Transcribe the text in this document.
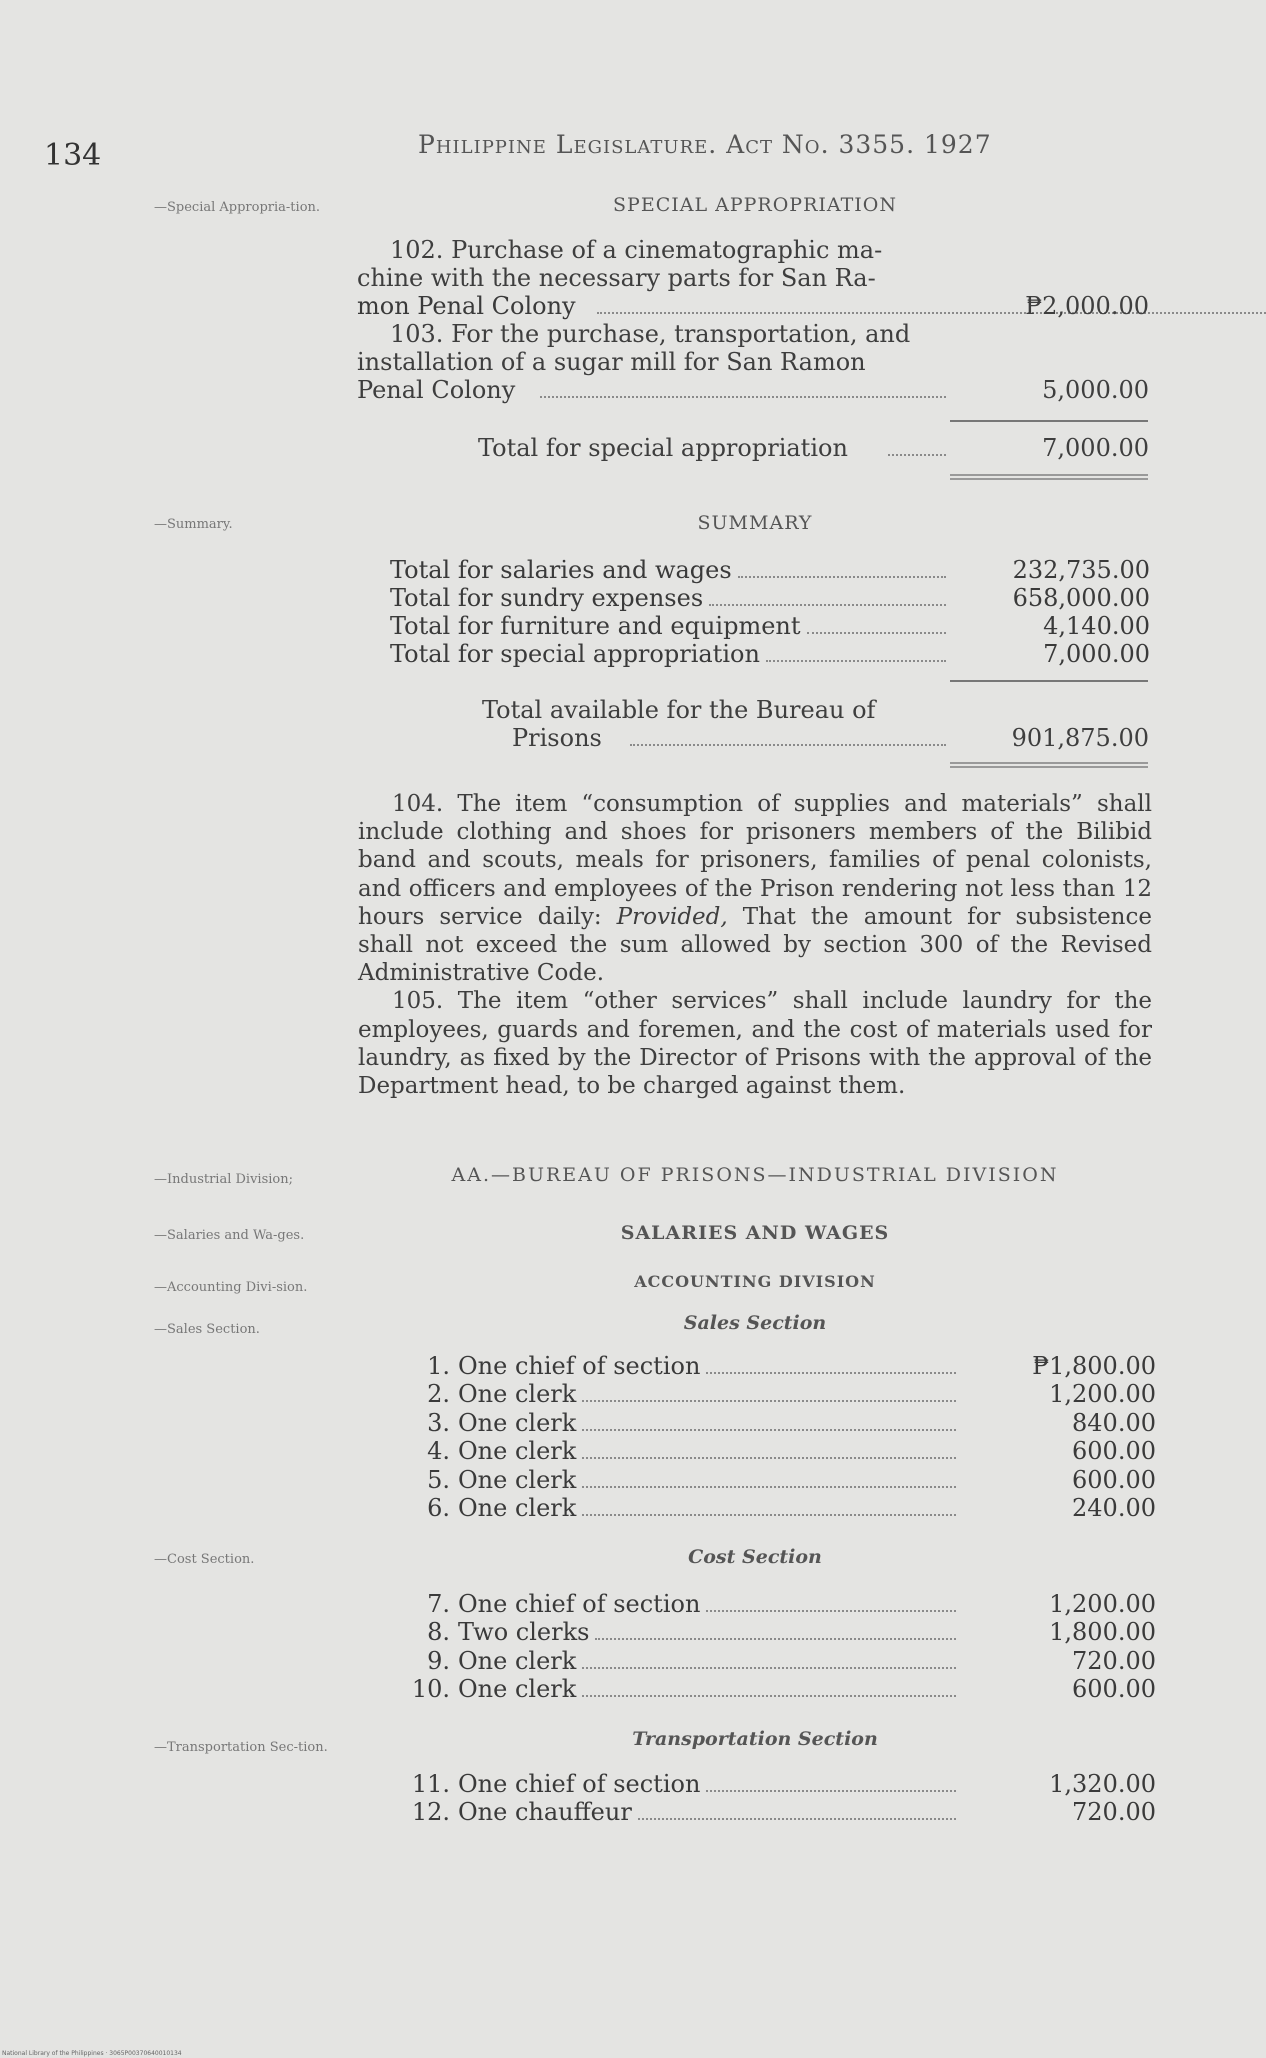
134	Philippine Legislature. Act No. 3355. 1927
—Special Appropria-tion.
—Summary.
—Industrial Division;
—Salaries and Wa-ges.
—Accounting Divi-sion.
—Sales Section.
—Cost Section.
—Transportation Sec-tion.
SPECIAL APPROPRIATION
102. Purchase of a cinematographic ma-
chine with the necessary parts for San Ra-
mon Penal Colony	₱2,000.00
103. For the purchase, transportation, and
installation of a sugar mill for San Ramon
Penal Colony	5,000.00
Total for special appropriation	7,000.00
SUMMARY
Total available for the Bureau of
Prisons	901,875.00

104. The item “consumption of supplies and materials” shall include clothing and shoes for prisoners members of the Bilibid band and scouts, meals for prisoners, families of penal colonists, and officers and employees of the Prison rendering not less than 12 hours service daily: Provided, That the amount for subsistence shall not exceed the sum allowed by section 300 of the Revised Administrative Code.

105. The item “other services” shall include laundry for the employees, guards and foremen, and the cost of materials used for laundry, as fixed by the Director of Prisons with the approval of the Department head, to be charged against them.

AA.—BUREAU OF PRISONS—INDUSTRIAL DIVISION
SALARIES AND WAGES
ACCOUNTING DIVISION
Sales Section
Cost Section
Transportation Section
National Library of the Philippines · 3065P00370640010134
Total for salaries and wages	232,735.00
Total for sundry expenses	658,000.00
Total for furniture and equipment	4,140.00
Total for special appropriation	7,000.00
1. One chief of section	₱1,800.00
2. One clerk	1,200.00
3. One clerk	840.00
4. One clerk	600.00
5. One clerk	600.00
6. One clerk	240.00
7. One chief of section	1,200.00
8. Two clerks	1,800.00
9. One clerk	720.00
10. One clerk	600.00
11. One chief of section	1,320.00
12. One chauffeur	720.00
